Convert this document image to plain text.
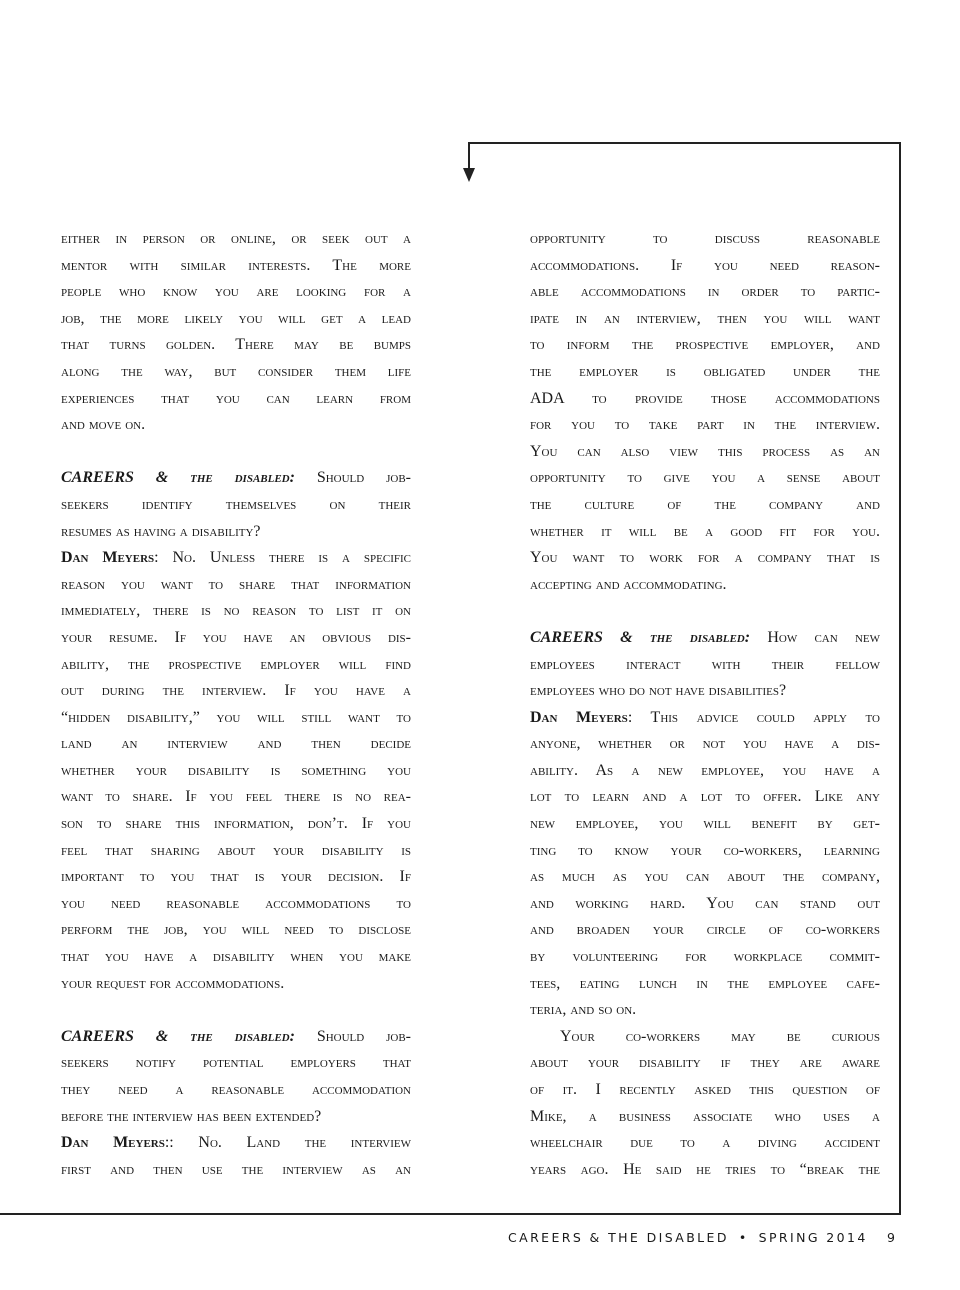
either in person or online, or seek out a
mentor with similar interests. The more
people who know you are looking for a
job, the more likely you will get a lead
that turns golden. There may be bumps
along the way, but consider them life
experiences that you can learn from
and move on.
CAREERS & the disabled: Should job-
seekers identify themselves on their
resumes as having a disability?
Dan Meyers: No. Unless there is a specific
reason you want to share that information
immediately, there is no reason to list it on
your resume. If you have an obvious dis-
ability, the prospective employer will find
out during the interview. If you have a
“hidden disability,” you will still want to
land an interview and then decide
whether your disability is something you
want to share. If you feel there is no rea-
son to share this information, don’t. If you
feel that sharing about your disability is
important to you that is your decision. If
you need reasonable accommodations to
perform the job, you will need to disclose
that you have a disability when you make
your request for accommodations.
CAREERS & the disabled: Should job-
seekers notify potential employers that
they need a reasonable accommodation
before the interview has been extended?
Dan Meyers:: No. Land the interview
first and then use the interview as an
opportunity to discuss reasonable
accommodations. If you need reason-
able accommodations in order to partic-
ipate in an interview, then you will want
to inform the prospective employer, and
the employer is obligated under the
ADA to provide those accommodations
for you to take part in the interview.
You can also view this process as an
opportunity to give you a sense about
the culture of the company and
whether it will be a good fit for you.
You want to work for a company that is
accepting and accommodating.
CAREERS & the disabled: How can new
employees interact with their fellow
employees who do not have disabilities?
Dan Meyers: This advice could apply to
anyone, whether or not you have a dis-
ability. As a new employee, you have a
lot to learn and a lot to offer. Like any
new employee, you will benefit by get-
ting to know your co-workers, learning
as much as you can about the company,
and working hard. You can stand out
and broaden your circle of co-workers
by volunteering for workplace commit-
tees, eating lunch in the employee cafe-
teria, and so on.
Your co-workers may be curious
about your disability if they are aware
of it. I recently asked this question of
Mike, a business associate who uses a
wheelchair due to a diving accident
years ago. He said he tries to “break the
CAREERS & THE DISABLED • SPRING 2014 9
